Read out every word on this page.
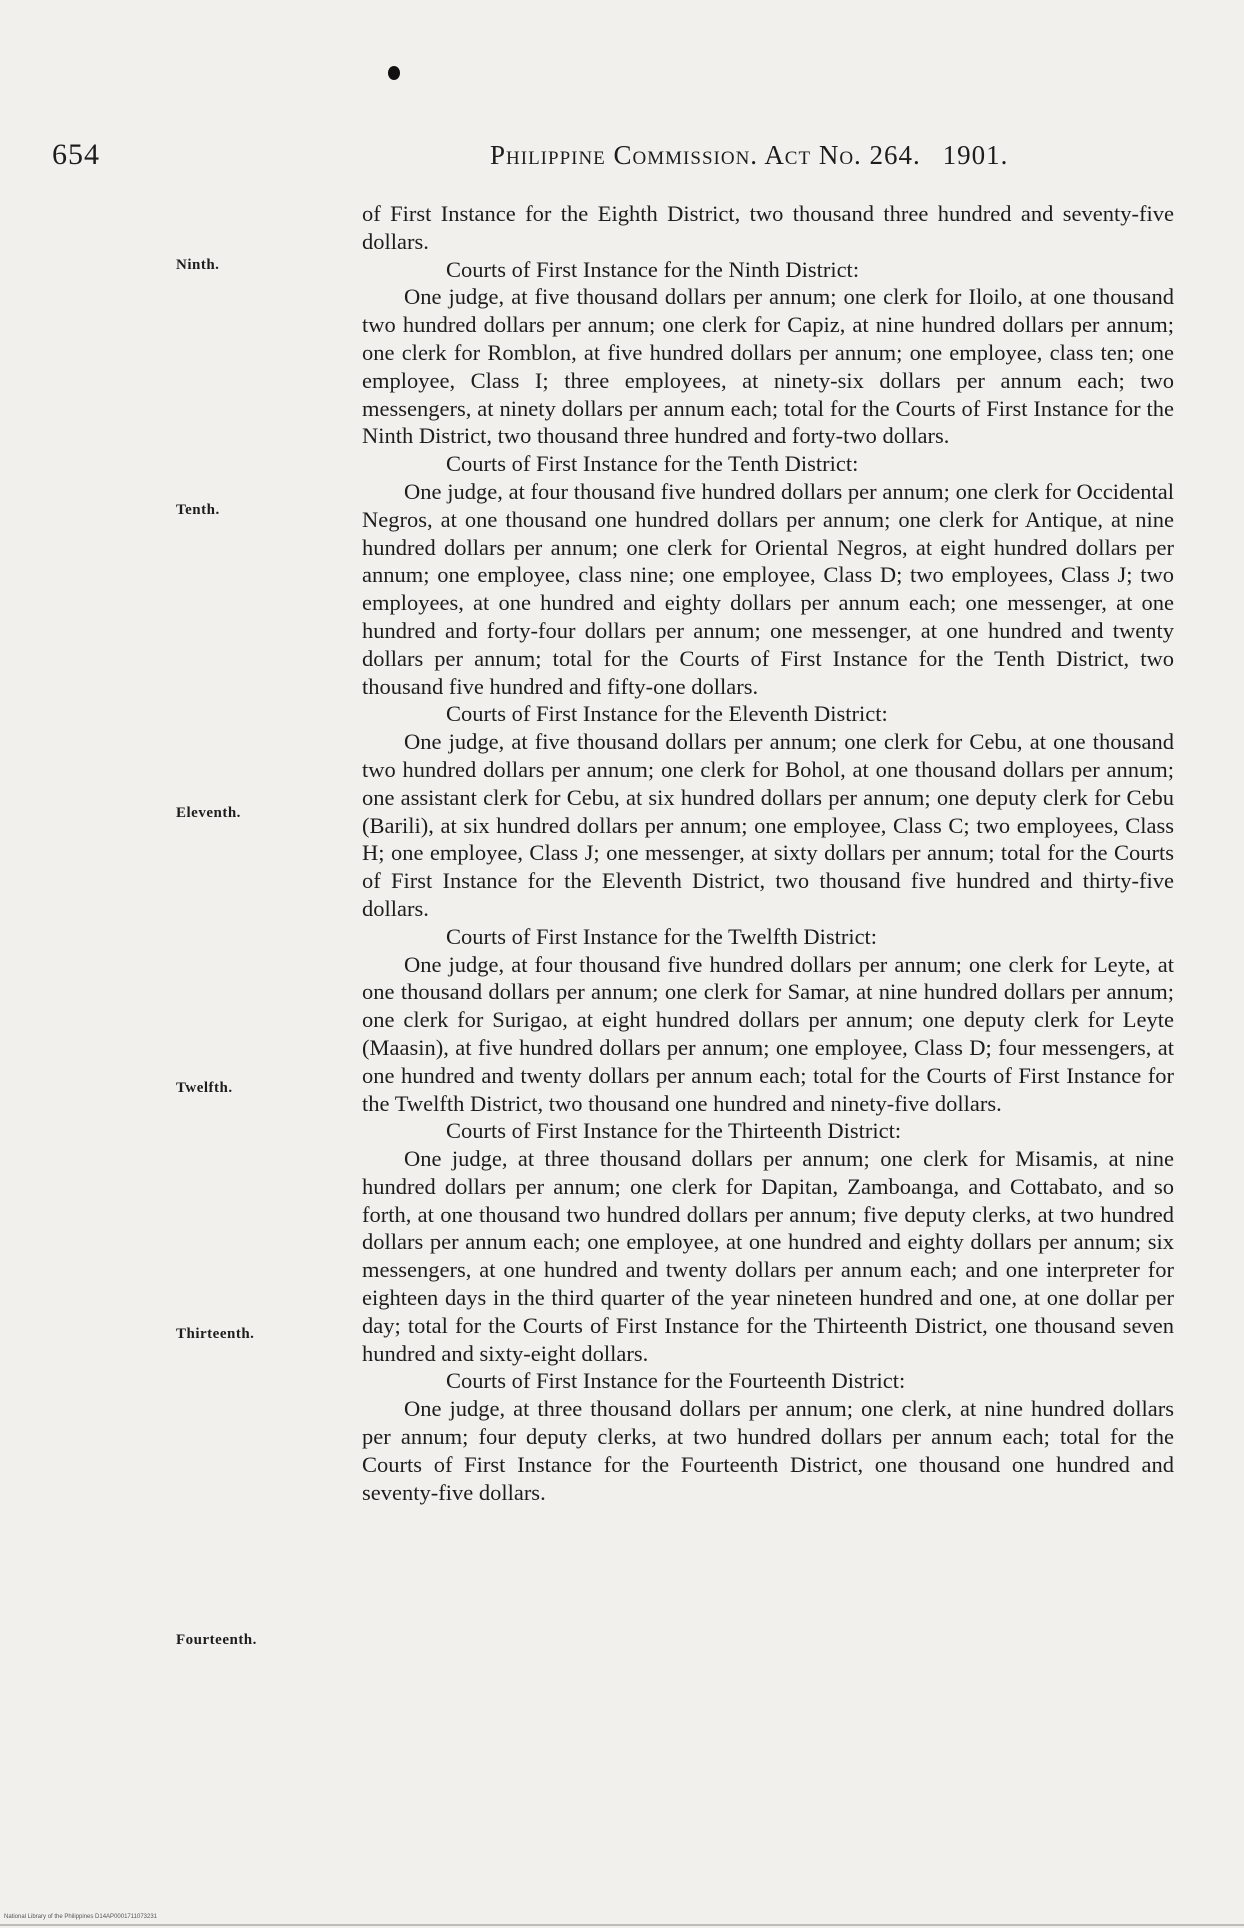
654	Philippine Commission. Act No. 264. 1901.
Ninth.
Tenth.
Eleventh.
Twelfth.
Thirteenth.
Fourteenth.

of First Instance for the Eighth District, two thousand three hundred and seventy-five dollars.

Courts of First Instance for the Ninth District:

One judge, at five thousand dollars per annum; one clerk for Iloilo, at one thousand two hundred dollars per annum; one clerk for Capiz, at nine hundred dollars per annum; one clerk for Romblon, at five hundred dollars per annum; one employee, class ten; one employee, Class I; three employees, at ninety-six dollars per annum each; two messengers, at ninety dollars per annum each; total for the Courts of First Instance for the Ninth District, two thousand three hundred and forty-two dollars.

Courts of First Instance for the Tenth District:

One judge, at four thousand five hundred dollars per annum; one clerk for Occidental Negros, at one thousand one hundred dollars per annum; one clerk for Antique, at nine hundred dollars per annum; one clerk for Oriental Negros, at eight hundred dollars per annum; one employee, class nine; one employee, Class D; two employees, Class J; two employees, at one hundred and eighty dollars per annum each; one messenger, at one hundred and forty-four dollars per annum; one messenger, at one hundred and twenty dollars per annum; total for the Courts of First Instance for the Tenth District, two thousand five hundred and fifty-one dollars.

Courts of First Instance for the Eleventh District:

One judge, at five thousand dollars per annum; one clerk for Cebu, at one thousand two hundred dollars per annum; one clerk for Bohol, at one thousand dollars per annum; one assistant clerk for Cebu, at six hundred dollars per annum; one deputy clerk for Cebu (Barili), at six hundred dollars per annum; one employee, Class C; two employees, Class H; one employee, Class J; one messenger, at sixty dollars per annum; total for the Courts of First Instance for the Eleventh District, two thousand five hundred and thirty-five dollars.

Courts of First Instance for the Twelfth District:

One judge, at four thousand five hundred dollars per annum; one clerk for Leyte, at one thousand dollars per annum; one clerk for Samar, at nine hundred dollars per annum; one clerk for Surigao, at eight hundred dollars per annum; one deputy clerk for Leyte (Maasin), at five hundred dollars per annum; one employee, Class D; four messengers, at one hundred and twenty dollars per annum each; total for the Courts of First Instance for the Twelfth District, two thousand one hundred and ninety-five dollars.

Courts of First Instance for the Thirteenth District:

One judge, at three thousand dollars per annum; one clerk for Misamis, at nine hundred dollars per annum; one clerk for Dapitan, Zamboanga, and Cottabato, and so forth, at one thousand two hundred dollars per annum; five deputy clerks, at two hundred dollars per annum each; one employee, at one hundred and eighty dollars per annum; six messengers, at one hundred and twenty dollars per annum each; and one interpreter for eighteen days in the third quarter of the year nineteen hundred and one, at one dollar per day; total for the Courts of First Instance for the Thirteenth District, one thousand seven hundred and sixty-eight dollars.

Courts of First Instance for the Fourteenth District:

One judge, at three thousand dollars per annum; one clerk, at nine hundred dollars per annum; four deputy clerks, at two hundred dollars per annum each; total for the Courts of First Instance for the Fourteenth District, one thousand one hundred and seventy-five dollars.

National Library of the Philippines D14AP0001711073231
